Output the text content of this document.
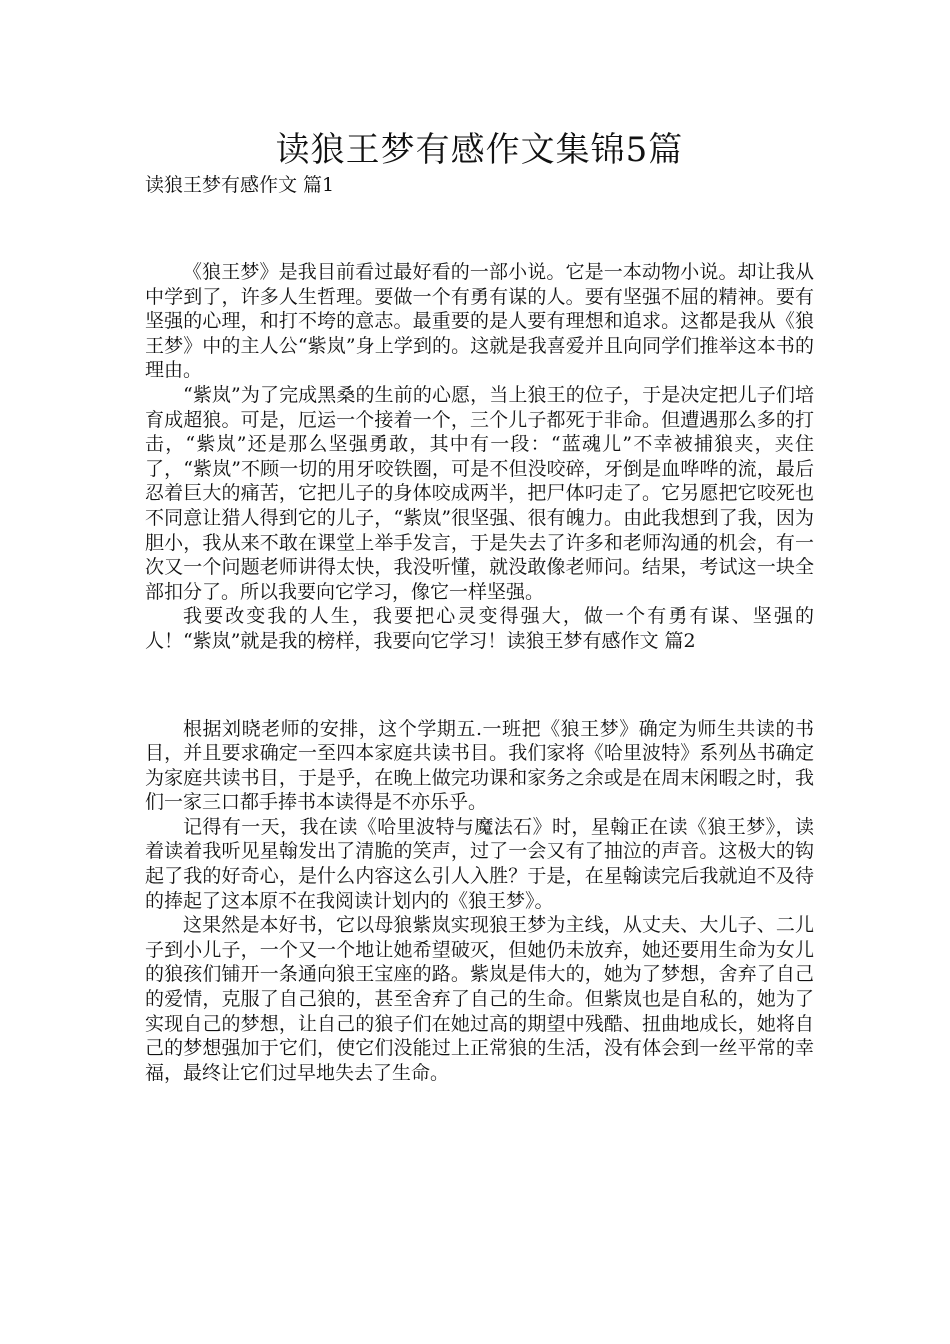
读狼王梦有感作文集锦5篇
读狼王梦有感作文 篇1

《狼王梦》是我目前看过最好看的一部小说。它是一本动物小说。却让我从中学到了，许多人生哲理。要做一个有勇有谋的人。要有坚强不屈的精神。要有坚强的心理，和打不垮的意志。最重要的是人要有理想和追求。这都是我从《狼王梦》中的主人公“紫岚”身上学到的。这就是我喜爱并且向同学们推举这本书的理由。

“紫岚”为了完成黑桑的生前的心愿，当上狼王的位子，于是决定把儿子们培育成超狼。可是，厄运一个接着一个，三个儿子都死于非命。但遭遇那么多的打击，“紫岚”还是那么坚强勇敢，其中有一段：“蓝魂儿”不幸被捕狼夹，夹住了，“紫岚”不顾一切的用牙咬铁圈，可是不但没咬碎，牙倒是血哗哗的流，最后忍着巨大的痛苦，它把儿子的身体咬成两半，把尸体叼走了。它另愿把它咬死也不同意让猎人得到它的儿子，“紫岚”很坚强、很有魄力。由此我想到了我，因为胆小，我从来不敢在课堂上举手发言，于是失去了许多和老师沟通的机会，有一次又一个问题老师讲得太快，我没听懂，就没敢像老师问。结果，考试这一块全部扣分了。所以我要向它学习，像它一样坚强。

我要改变我的人生，我要把心灵变得强大，做一个有勇有谋、坚强的人！“紫岚”就是我的榜样，我要向它学习！读狼王梦有感作文 篇2

根据刘晓老师的安排，这个学期五.一班把《狼王梦》确定为师生共读的书目，并且要求确定一至四本家庭共读书目。我们家将《哈里波特》系列丛书确定为家庭共读书目，于是乎，在晚上做完功课和家务之余或是在周末闲暇之时，我们一家三口都手捧书本读得是不亦乐乎。

记得有一天，我在读《哈里波特与魔法石》时，星翰正在读《狼王梦》，读着读着我听见星翰发出了清脆的笑声，过了一会又有了抽泣的声音。这极大的钩起了我的好奇心，是什么内容这么引人入胜？于是，在星翰读完后我就迫不及待的捧起了这本原不在我阅读计划内的《狼王梦》。

这果然是本好书，它以母狼紫岚实现狼王梦为主线，从丈夫、大儿子、二儿子到小儿子，一个又一个地让她希望破灭，但她仍未放弃，她还要用生命为女儿的狼孩们铺开一条通向狼王宝座的路。紫岚是伟大的，她为了梦想，舍弃了自己的爱情，克服了自己狼的，甚至舍弃了自己的生命。但紫岚也是自私的，她为了实现自己的梦想，让自己的狼子们在她过高的期望中残酷、扭曲地成长，她将自己的梦想强加于它们，使它们没能过上正常狼的生活，没有体会到一丝平常的幸福，最终让它们过早地失去了生命。
